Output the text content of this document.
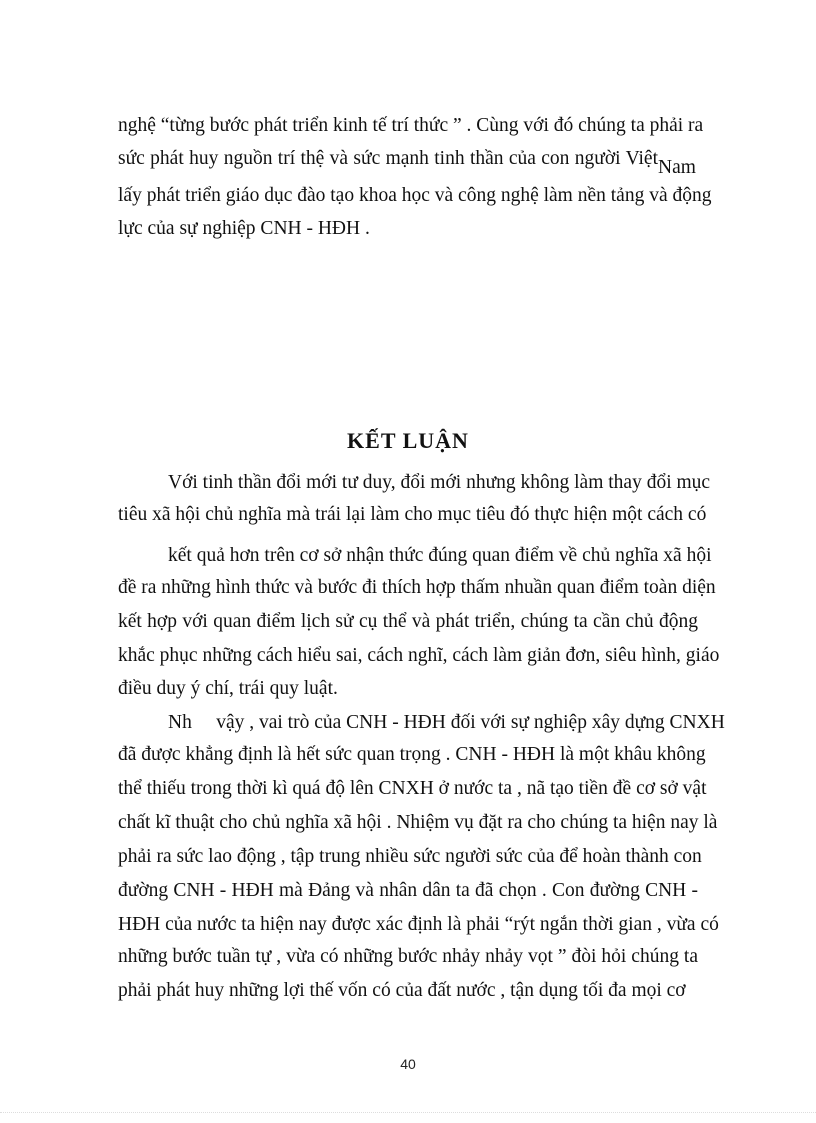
nghệ “từng bước phát triển kinh tế trí thức ” . Cùng với đó chúng ta phải ra
sức phát huy nguồn trí thệ và sức mạnh tinh thần của con người Việt Nam
lấy phát triển giáo dục đào tạo khoa học và công nghệ làm nền tảng và động
lực của sự nghiệp CNH - HĐH .
KẾT LUẬN
Với tinh thần đổi mới tư duy, đổi mới nhưng không làm thay đổi mục
tiêu xã hội chủ nghĩa mà trái lại làm cho mục tiêu đó thực hiện một cách có
kết quả hơn trên cơ sở nhận thức đúng quan điểm về chủ nghĩa xã hội
đề ra những hình thức và bước đi thích hợp thấm nhuần quan điểm toàn diện
kết hợp với quan điểm lịch sử cụ thể và phát triển, chúng ta cần chủ động
khắc phục những cách hiểu sai, cách nghĩ, cách làm giản đơn, siêu hình, giáo
điều duy ý chí, trái quy luật.
Nh     vậy , vai trò của CNH - HĐH đối với sự nghiệp xây dựng CNXH
đã được khẳng định là hết sức quan trọng . CNH - HĐH là một khâu không
thể thiếu trong thời kì quá độ lên CNXH ở nước ta , nã tạo tiền đề cơ sở vật
chất kĩ thuật cho chủ nghĩa xã hội . Nhiệm vụ đặt ra cho chúng ta hiện nay là
phải ra sức lao động , tập trung nhiều sức người sức của để hoàn thành con
đường CNH - HĐH mà Đảng và nhân dân ta đã chọn . Con đường CNH -
HĐH của nước ta hiện nay được xác định là phải “rýt ngắn thời gian , vừa có
những bước tuần tự , vừa có những bước nhảy nhảy vọt ” đòi hỏi chúng ta
phải phát huy những lợi thế vốn có của đất nước , tận dụng tối đa mọi cơ
40
